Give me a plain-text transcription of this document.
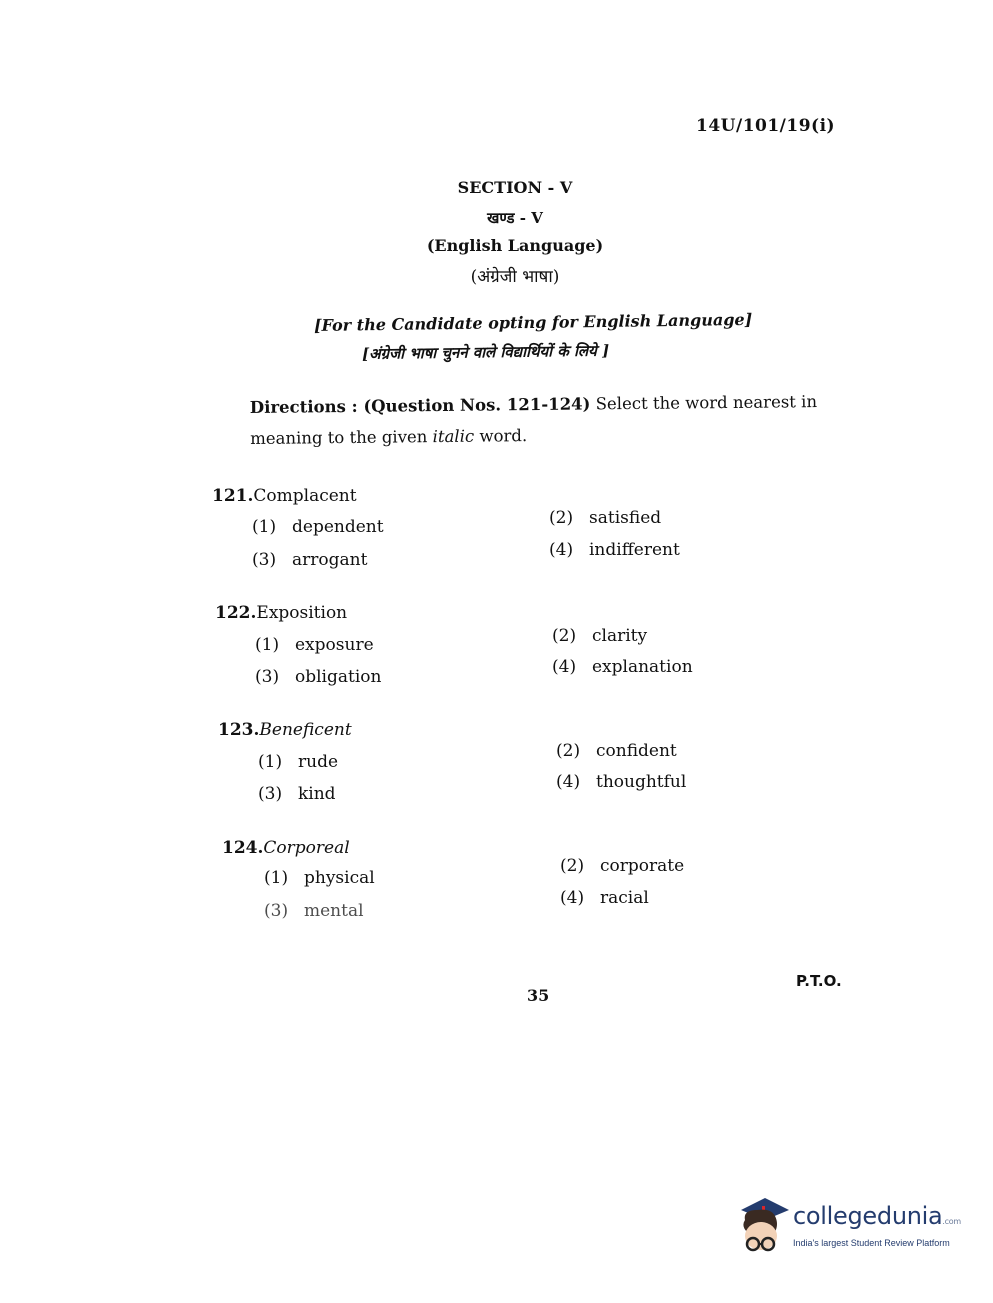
14U/101/19(i)
SECTION - V
खण्ड - V
(English Language)
(अंग्रेजी भाषा)
[For the Candidate opting for English Language]
[अंग्रेजी भाषा चुनने वाले विद्यार्थियों के लिये ]
Directions : (Question Nos. 121-124) Select the word nearest in meaning to the given italic word.
121.Complacent
(1) dependent	(2) satisfied
(3) arrogant	(4) indifferent
122.Exposition
(1) exposure	(2) clarity
(3) obligation	(4) explanation
123.Beneficent
(1) rude
(2) confident
(3) kind
(4) thoughtful
124.Corporeal
(1) physical
(2) corporate
(3) mental
(4) racial
P.T.O.
35
collegedunia.com
India's largest Student Review Platform
